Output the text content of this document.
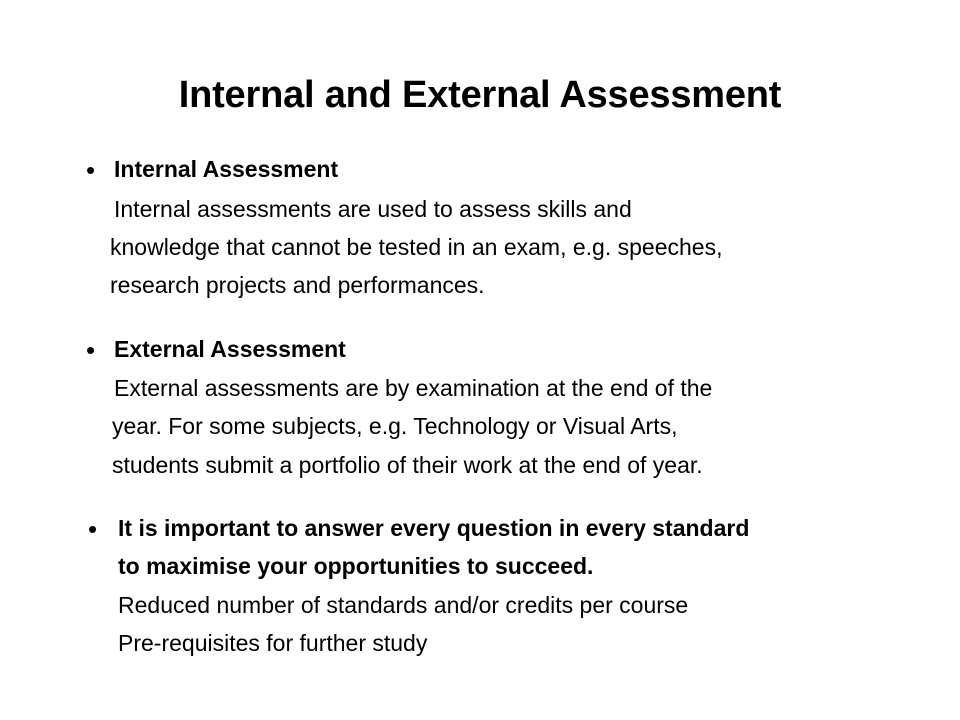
Internal and External Assessment
• Internal Assessment
Internal assessments are used to assess skills and
knowledge that cannot be tested in an exam, e.g. speeches,
research projects and performances.
• External Assessment
External assessments are by examination at the end of the
year. For some subjects, e.g. Technology or Visual Arts,
students submit a portfolio of their work at the end of year.
• It is important to answer every question in every standard
to maximise your opportunities to succeed.
Reduced number of standards and/or credits per course
Pre-requisites for further study
